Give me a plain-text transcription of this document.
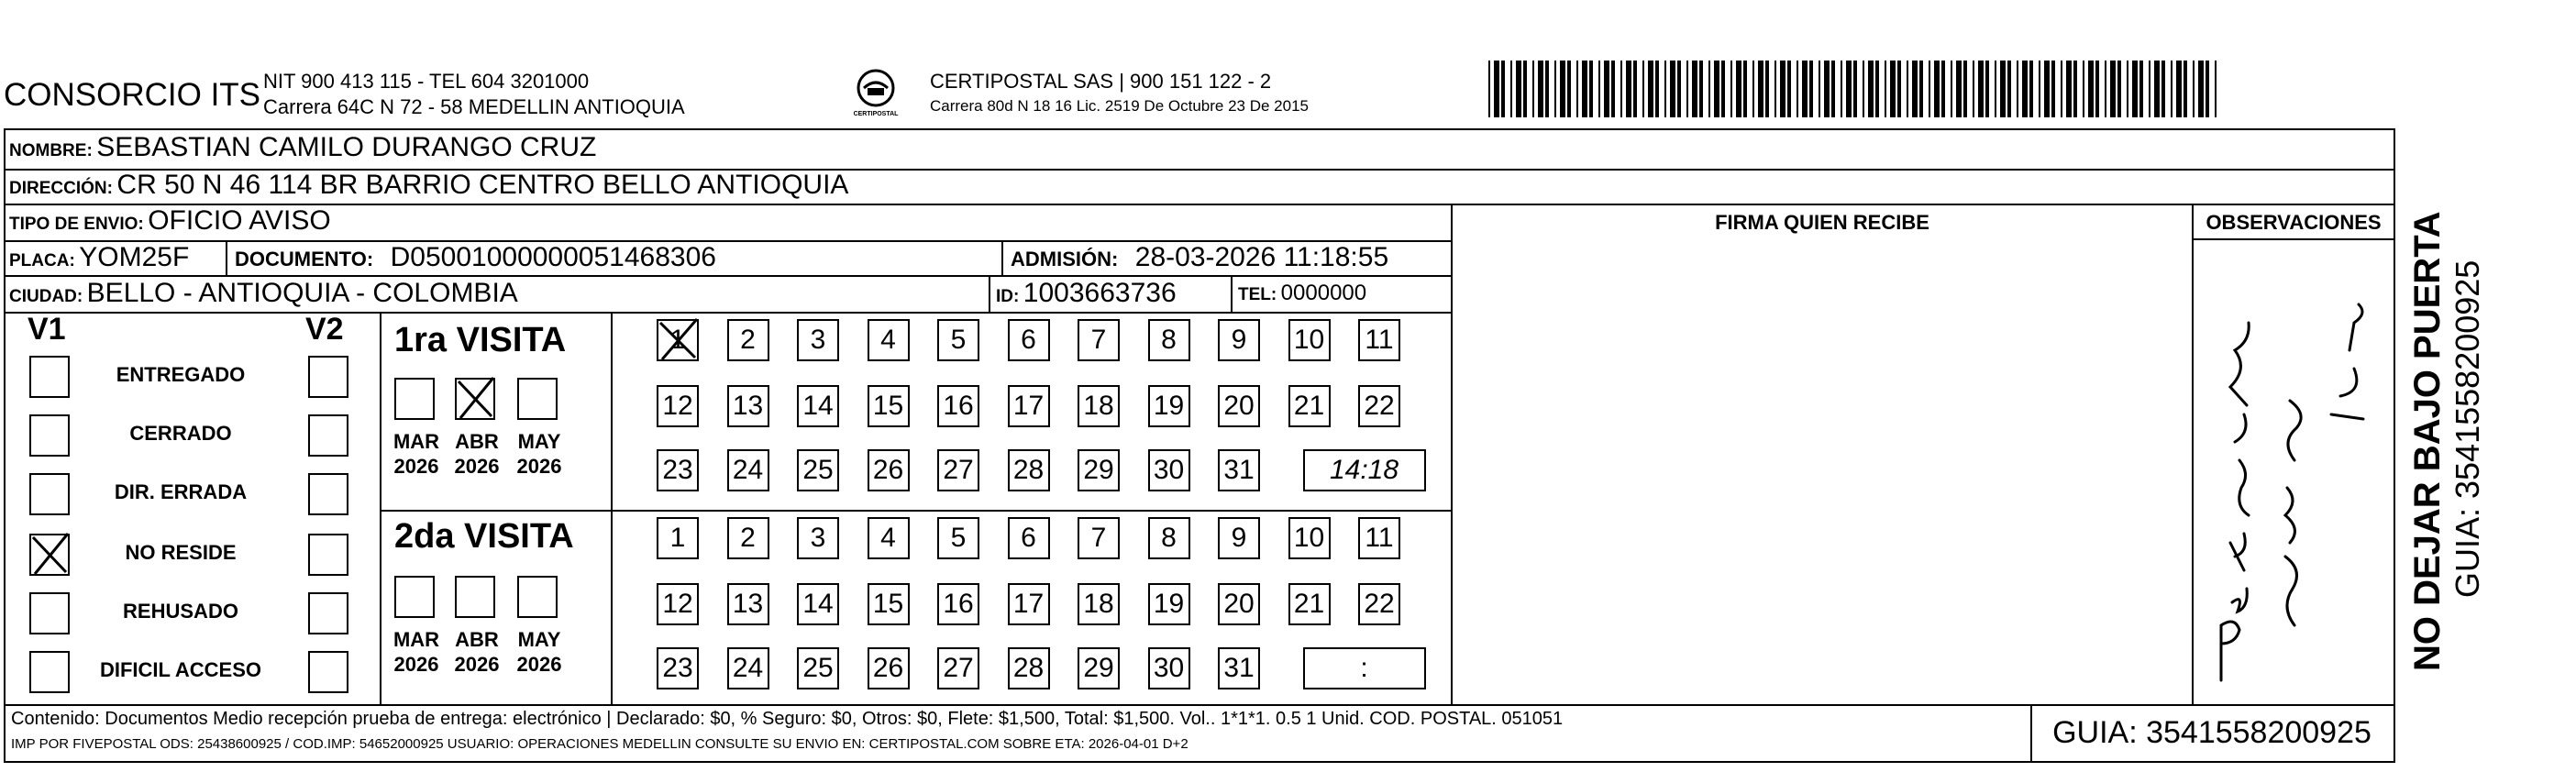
CONSORCIO ITS NIT 900 413 115 - TEL 604 3201000
Carrera 64C N 72 - 58 MEDELLIN ANTIOQUIA	CERTIPOSTAL
CERTIPOSTAL SAS | 900 151 122 - 2
Carrera 80d N 18 16 Lic. 2519 De Octubre 23 De 2015
NOMBRE: SEBASTIAN CAMILO DURANGO CRUZ
DIRECCIÓN: CR 50 N 46 114 BR BARRIO CENTRO BELLO ANTIOQUIA
TIPO DE ENVIO: OFICIO AVISO
PLACA: YOM25F DOCUMENTO: D05001000000051468306	ADMISIÓN: 28-03-2026 11:18:55
CIUDAD: BELLO - ANTIOQUIA - COLOMBIA	ID: 1003663736	TEL: 0000000
FIRMA QUIEN RECIBE	OBSERVACIONES
V1	V2
ENTREGADO
CERRADO
DIR. ERRADA
NO RESIDE
REHUSADO
DIFICIL ACCESO
1ra VISITA
2da VISITA
MAR
2026
ABR
2026
MAY
2026
1	2	3	4	5	6	7	8	9	10 11
12 13 14 15 16 17 18 19 20 21 22
23 24 25 26 27 28 29 30 31	14:18
MAR
2026
ABR
2026
MAY
2026
1	2	3	4	5	6	7	8	9	10 11
12 13 14 15 16 17 18 19 20 21 22
23 24 25 26 27 28 29 30 31	:
Contenido: Documentos Medio recepción prueba de entrega: electrónico | Declarado: $0, % Seguro: $0, Otros: $0, Flete: $1,500, Total: $1,500. Vol.. 1*1*1. 0.5 1 Unid. COD. POSTAL. 051051
IMP POR FIVEPOSTAL ODS: 25438600925 / COD.IMP: 54652000925 USUARIO: OPERACIONES MEDELLIN CONSULTE SU ENVIO EN: CERTIPOSTAL.COM SOBRE ETA: 2026-04-01 D+2	GUIA: 3541558200925
NO DEJAR BAJO PUERTA GUIA: 3541558200925
